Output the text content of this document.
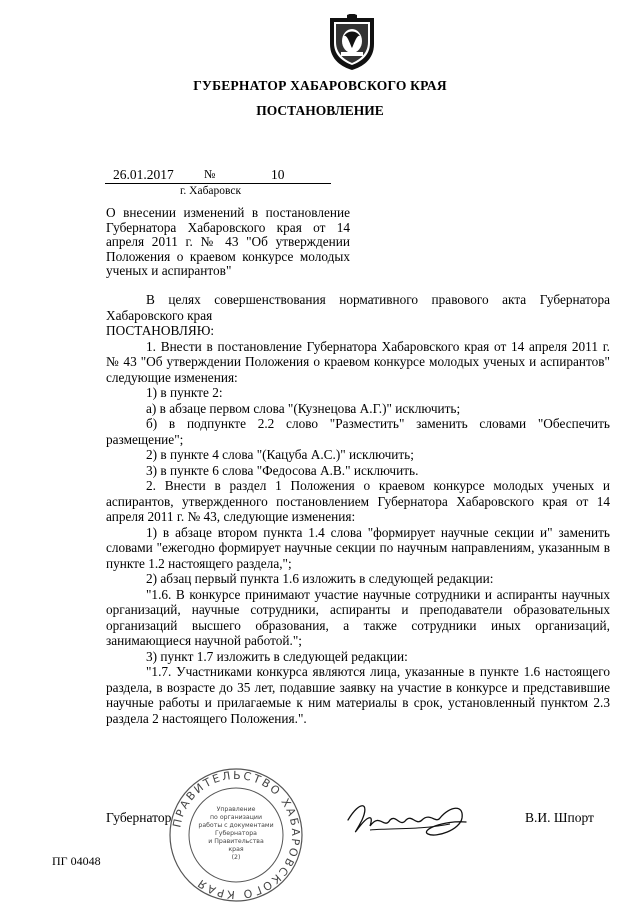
ГУБЕРНАТОР ХАБАРОВСКОГО КРАЯ
ПОСТАНОВЛЕНИЕ
26.01.2017	№	10
г. Хабаровск
О внесении изменений в постановление Губернатора Хабаровского края от 14 апреля 2011 г. № 43 "Об утверждении Положения о краевом конкурсе молодых ученых и аспирантов"

В целях совершенствования нормативного правового акта Губернатора Хабаровского края

ПОСТАНОВЛЯЮ:

1. Внести в постановление Губернатора Хабаровского края от 14 апреля 2011 г. № 43 "Об утверждении Положения о краевом конкурсе молодых ученых и аспирантов" следующие изменения:

1) в пункте 2:

а) в абзаце первом слова "(Кузнецова А.Г.)" исключить;

б) в подпункте 2.2 слово "Разместить" заменить словами "Обеспечить размещение";

2) в пункте 4 слова "(Кацуба А.С.)" исключить;

3) в пункте 6 слова "Федосова А.В." исключить.

2. Внести в раздел 1 Положения о краевом конкурсе молодых ученых и аспирантов, утвержденного постановлением Губернатора Хабаровского края от 14 апреля 2011 г. № 43, следующие изменения:

1) в абзаце втором пункта 1.4 слова "формирует научные секции и" заменить словами "ежегодно формирует научные секции по научным направлениям, указанным в пункте 1.2 настоящего раздела,";

2) абзац первый пункта 1.6 изложить в следующей редакции:

"1.6. В конкурсе принимают участие научные сотрудники и аспиранты научных организаций, научные сотрудники, аспиранты и преподаватели образовательных организаций высшего образования, а также сотрудники иных организаций, занимающиеся научной работой.";

3) пункт 1.7 изложить в следующей редакции:

"1.7. Участниками конкурса являются лица, указанные в пункте 1.6 настоящего раздела, в возрасте до 35 лет, подавшие заявку на участие в конкурсе и представившие научные работы и прилагаемые к ним материалы в срок, установленный пунктом 2.3 раздела 2 настоящего Положения.".

ПРАВИТЕЛЬСТВО ХАБАРОВСКОГО КРАЯ
Управление
по организации
работы с документами
Губернатора
и Правительства
края
(2)
Губернатор	В.И. Шпорт
ПГ 04048
